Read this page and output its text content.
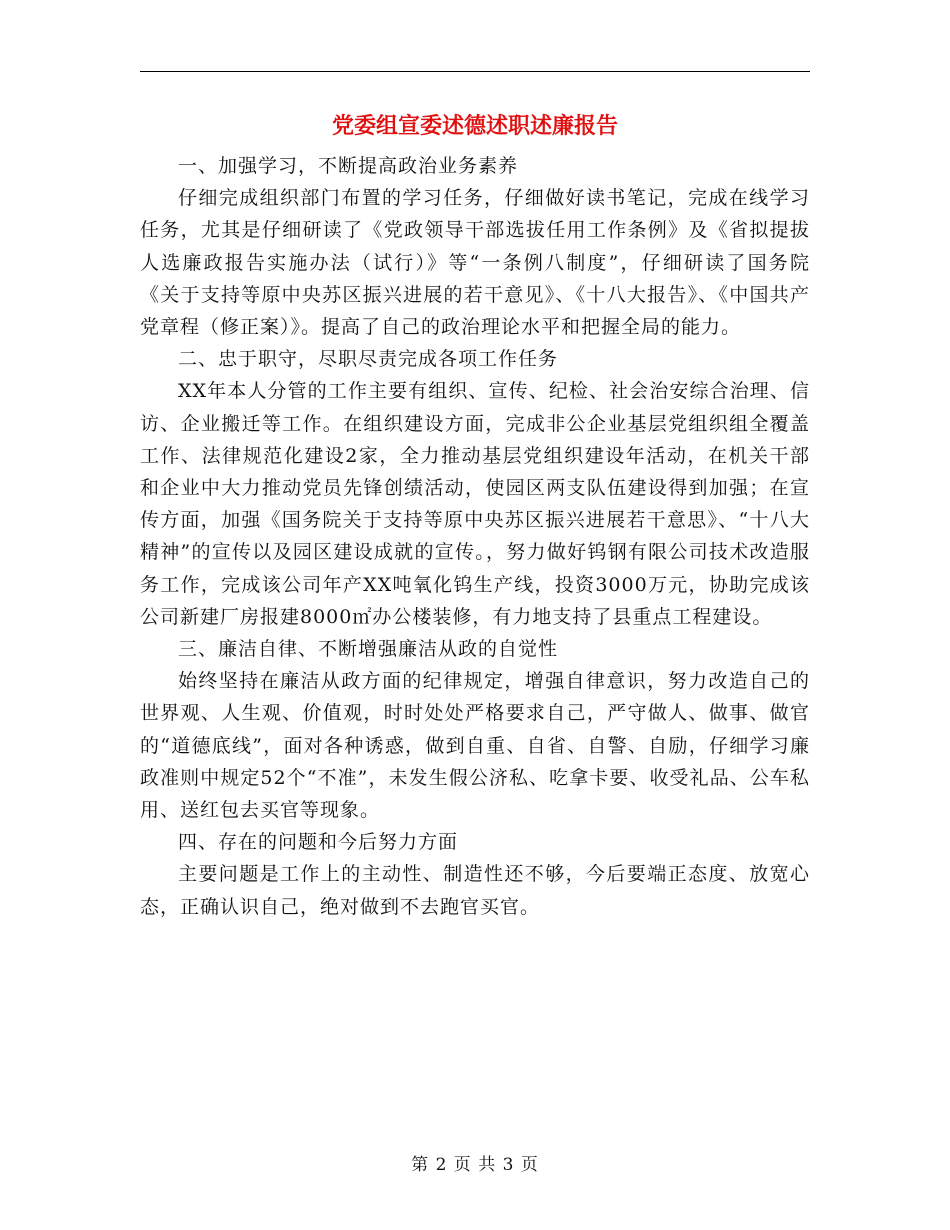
党委组宣委述德述职述廉报告

一、加强学习，不断提高政治业务素养

仔细完成组织部门布置的学习任务，仔细做好读书笔记，完成在线学习任务，尤其是仔细研读了《党政领导干部选拔任用工作条例》及《省拟提拔人选廉政报告实施办法（试行）》等“一条例八制度”，仔细研读了国务院《关于支持等原中央苏区振兴进展的若干意见》、《十八大报告》、《中国共产党章程（修正案）》。提高了自己的政治理论水平和把握全局的能力。

二、忠于职守，尽职尽责完成各项工作任务

XX年本人分管的工作主要有组织、宣传、纪检、社会治安综合治理、信访、企业搬迁等工作。在组织建设方面，完成非公企业基层党组织组全覆盖工作、法律规范化建设2家，全力推动基层党组织建设年活动，在机关干部和企业中大力推动党员先锋创绩活动，使园区两支队伍建设得到加强；在宣传方面，加强《国务院关于支持等原中央苏区振兴进展若干意思》、“十八大精神”的宣传以及园区建设成就的宣传。，努力做好钨钢有限公司技术改造服务工作，完成该公司年产XX吨氧化钨生产线，投资3000万元，协助完成该公司新建厂房报建8000㎡办公楼装修，有力地支持了县重点工程建设。

三、廉洁自律、不断增强廉洁从政的自觉性

始终坚持在廉洁从政方面的纪律规定，增强自律意识，努力改造自己的世界观、人生观、价值观，时时处处严格要求自己，严守做人、做事、做官的“道德底线”，面对各种诱惑，做到自重、自省、自警、自励，仔细学习廉政准则中规定52个“不准”，未发生假公济私、吃拿卡要、收受礼品、公车私用、送红包去买官等现象。

四、存在的问题和今后努力方面

主要问题是工作上的主动性、制造性还不够，今后要端正态度、放宽心态，正确认识自己，绝对做到不去跑官买官。

第 2 页 共 3 页
